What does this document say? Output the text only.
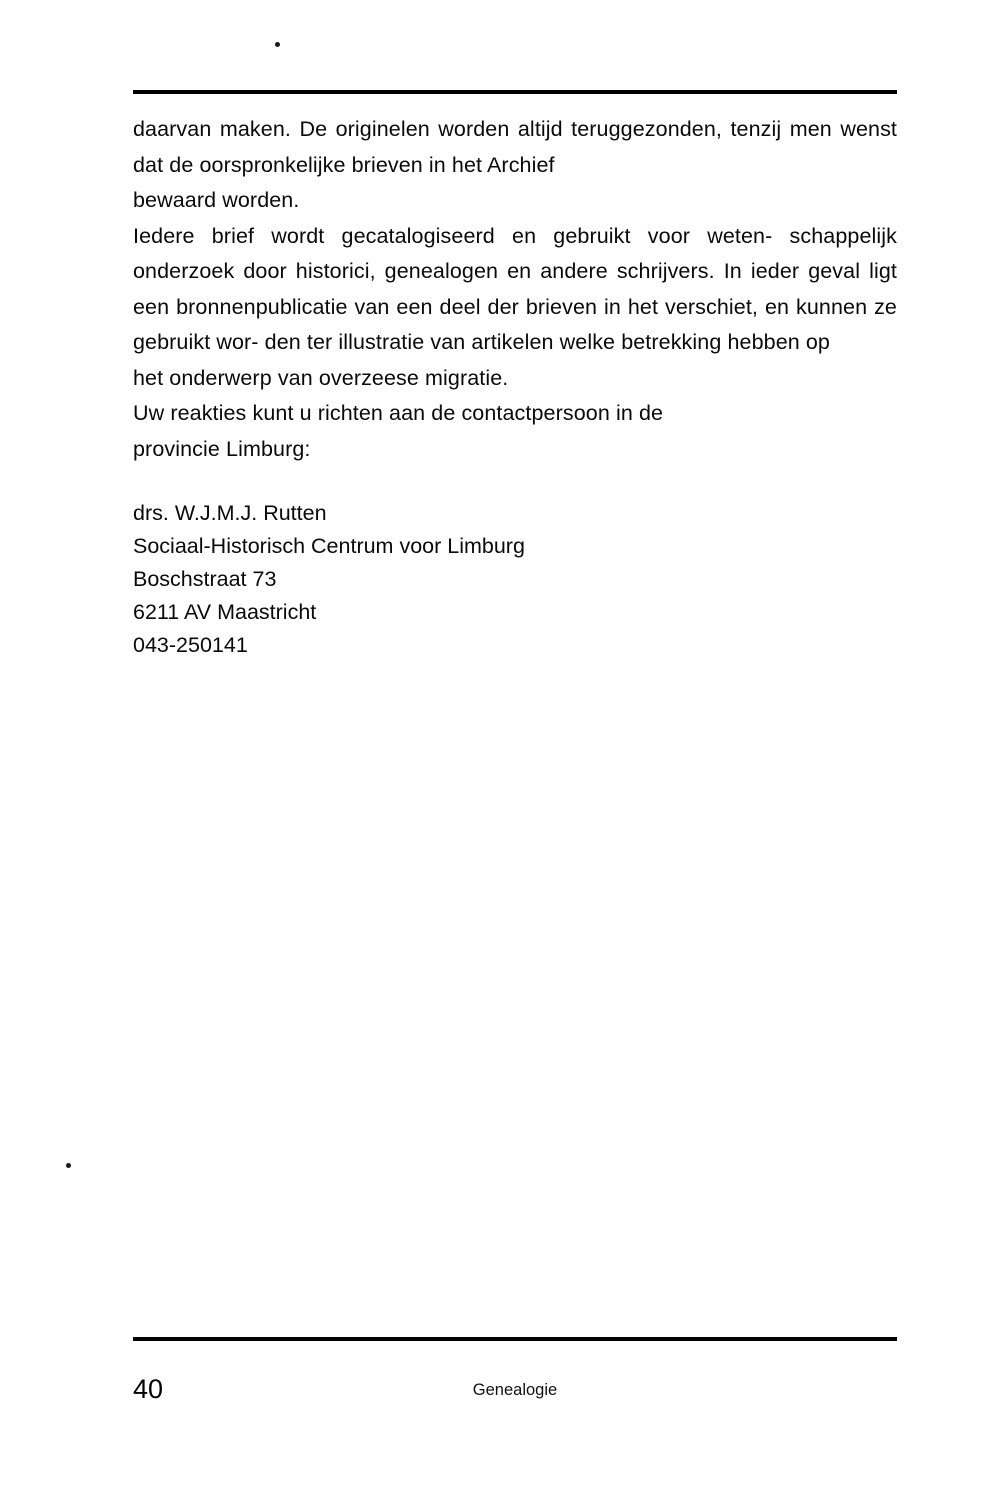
daarvan maken. De originelen worden altijd teruggezonden, tenzij men wenst dat de oorspronkelijke brieven in het Archief
bewaard worden.

Iedere brief wordt gecatalogiseerd en gebruikt voor weten- schappelijk onderzoek door historici, genealogen en andere schrijvers. In ieder geval ligt een bronnenpublicatie van een deel der brieven in het verschiet, en kunnen ze gebruikt wor- den ter illustratie van artikelen welke betrekking hebben op
het onderwerp van overzeese migratie.

Uw reakties kunt u richten aan de contactpersoon in de
provincie Limburg:

drs. W.J.M.J. Rutten
Sociaal-Historisch Centrum voor Limburg
Boschstraat 73
6211 AV Maastricht
043-250141
40	Genealogie
